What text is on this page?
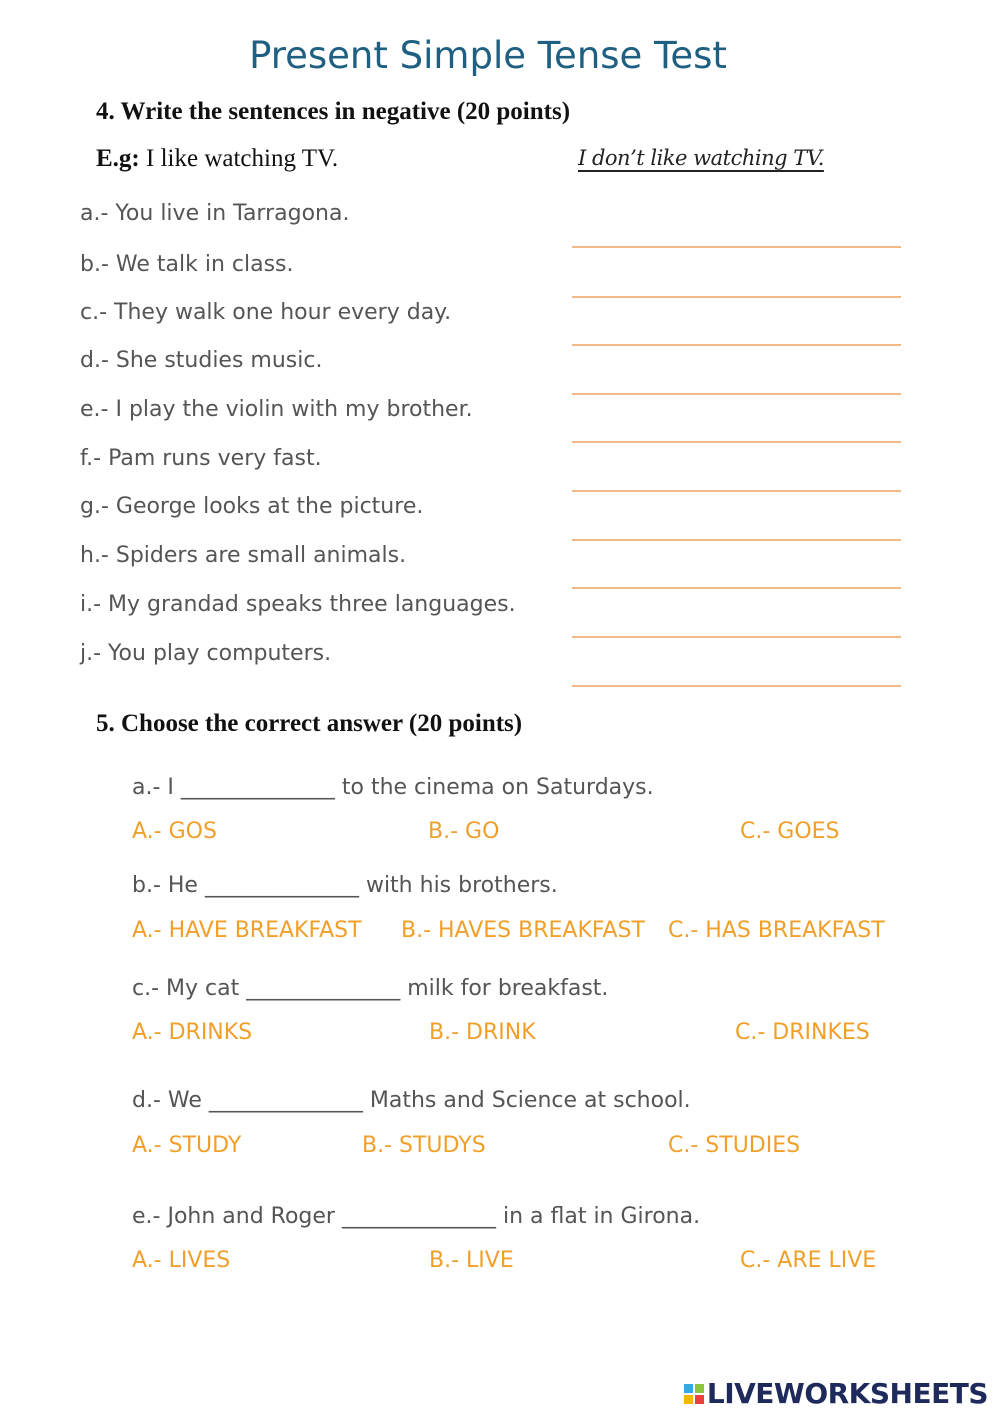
Present Simple Tense Test
4. Write the sentences in negative (20 points)
E.g: I like watching TV.	I don’t like watching TV.
a.- You live in Tarragona.
b.- We talk in class.
c.- They walk one hour every day.
d.- She studies music.
e.- I play the violin with my brother.
f.- Pam runs very fast.
g.- George looks at the picture.
h.- Spiders are small animals.
i.- My grandad speaks three languages.
j.- You play computers.
5. Choose the correct answer (20 points)
a.- I ______________ to the cinema on Saturdays.
A.- GOS	B.- GO	C.- GOES
b.- He ______________ with his brothers.
A.- HAVE BREAKFAST B.- HAVES BREAKFAST C.- HAS BREAKFAST
c.- My cat ______________ milk for breakfast.
A.- DRINKS	B.- DRINK	C.- DRINKES
d.- We ______________ Maths and Science at school.
A.- STUDY	B.- STUDYS	C.- STUDIES
e.- John and Roger ______________ in a flat in Girona.
A.- LIVES	B.- LIVE	C.- ARE LIVE
LIVEWORKSHEETS
